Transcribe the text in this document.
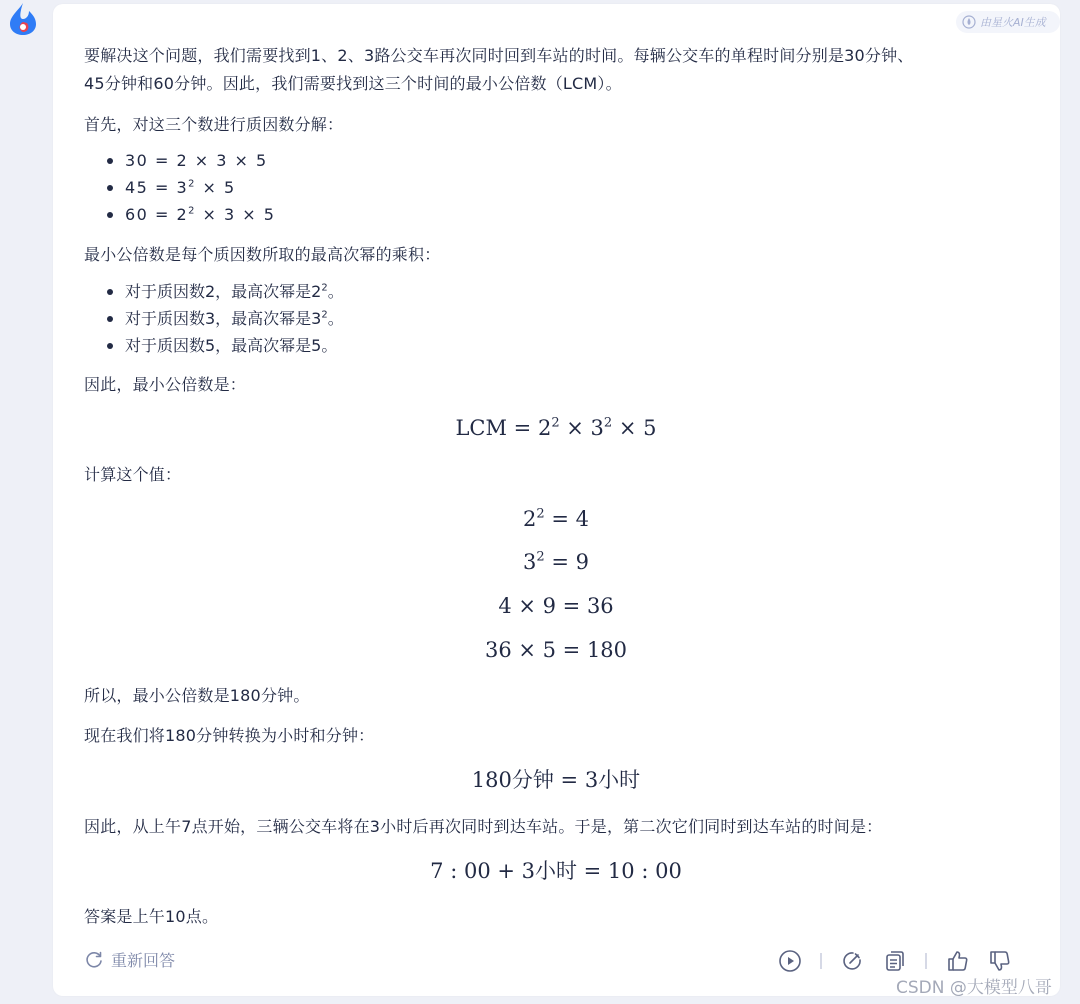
由星火AI生成
要解决这个问题，我们需要找到1、2、3路公交车再次同时回到车站的时间。每辆公交车的单程时间分别是30分钟、
45分钟和60分钟。因此，我们需要找到这三个时间的最小公倍数（LCM）。
首先，对这三个数进行质因数分解：
30 = 2 × 3 × 5
$45 = 3^2 \times 5$
$60 = 2^2 \times 3 \times 5$
最小公倍数是每个质因数所取的最高次幂的乘积：
对于质因数2，最高次幂是$2^2$。
对于质因数3，最高次幂是$3^2$。
对于质因数5，最高次幂是5。
因此，最小公倍数是：
LCM = $2^2 \times 3^2 \times 5$
计算这个值：
$2^2 = 4$
$3^2 = 9$
4 × 9 = 36
36 × 5 = 180
所以，最小公倍数是180分钟。
现在我们将180分钟转换为小时和分钟：
180分钟 = 3小时
因此，从上午7点开始，三辆公交车将在3小时后再次同时到达车站。于是，第二次它们同时到达车站的时间是：
7 : 00 + 3小时 = 10 : 00
答案是上午10点。
重新回答
CSDN @大模型八哥
